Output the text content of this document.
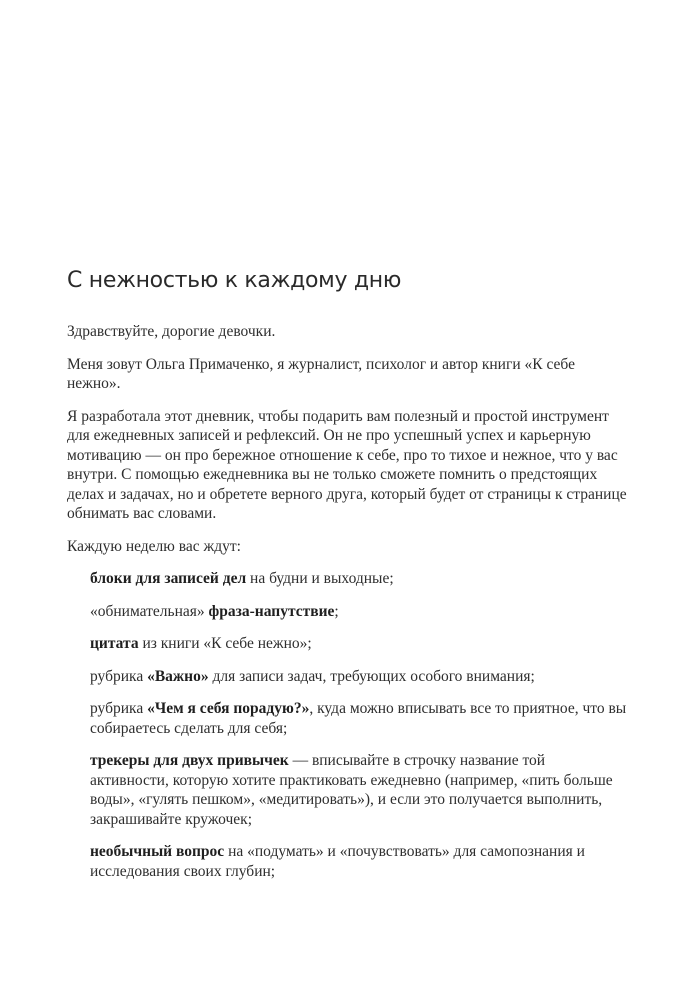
С нежностью к каждому дню

Здравствуйте, дорогие девочки.

Меня зовут Ольга Примаченко, я журналист, психолог и автор книги «К себе нежно».

Я разработала этот дневник, чтобы подарить вам полезный и простой инструмент для ежедневных записей и рефлексий. Он не про успешный успех и карьерную мотивацию — он про бережное отношение к себе, про то тихое и нежное, что у вас внутри. С помощью ежедневника вы не только сможете помнить о предстоящих делах и задачах, но и обретете верного друга, который будет от страницы к странице обнимать вас словами.

Каждую неделю вас ждут:

блоки для записей дел на будни и выходные;
«обнимательная» фраза-напутствие;
цитата из книги «К себе нежно»;
рубрика «Важно» для записи задач, требующих особого внимания;
рубрика «Чем я себя порадую?», куда можно вписывать все то приятное, что вы собираетесь сделать для себя;
трекеры для двух привычек — вписывайте в строчку название той активности, которую хотите практиковать ежедневно (например, «пить больше воды», «гулять пешком», «медитировать»), и если это получается выполнить, закрашивайте кружочек;
необычный вопрос на «подумать» и «почувствовать» для самопознания и исследования своих глубин;
